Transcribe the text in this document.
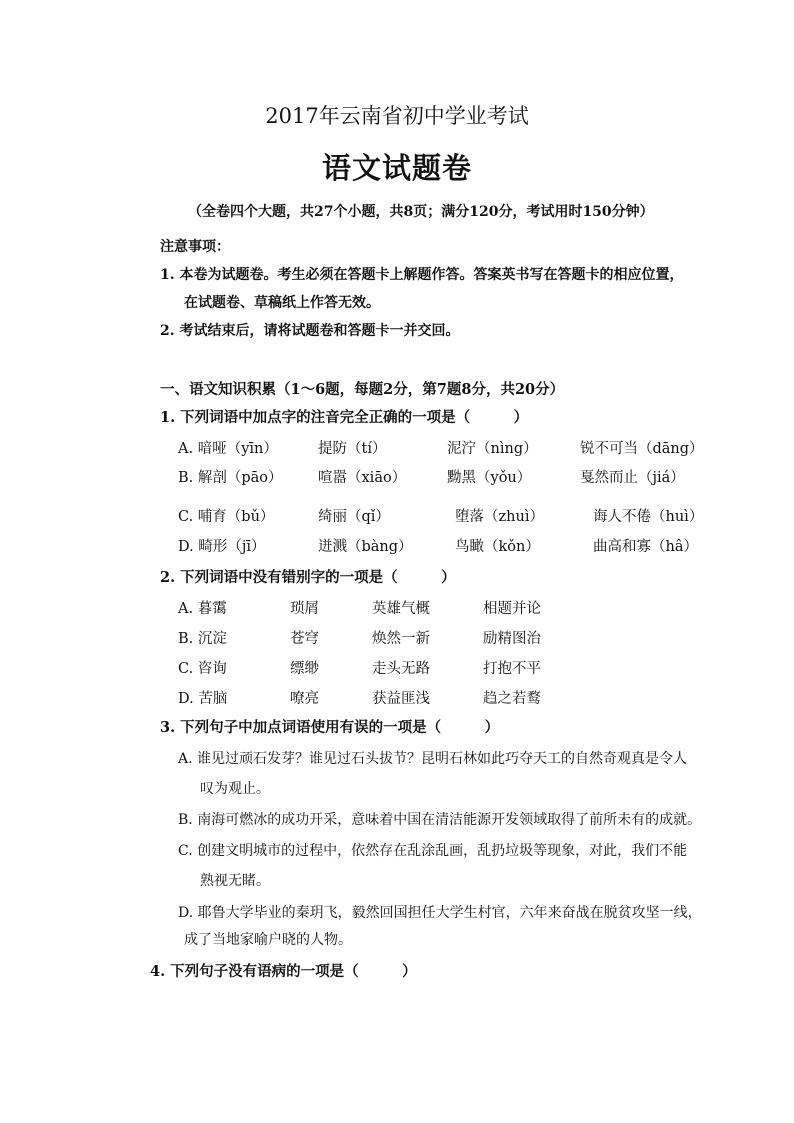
2017年云南省初中学业考试
语文试题卷
（全卷四个大题，共27个小题，共8页；满分120分，考试用时150分钟）
注意事项：
1. 本卷为试题卷。考生必须在答题卡上解题作答。答案英书写在答题卡的相应位置，
在试题卷、草稿纸上作答无效。
2. 考试结束后，请将试题卷和答题卡一并交回。
一、语文知识积累（1～6题，每题2分，第7题8分，共20分）
1. 下列词语中加点字的注音完全正确的一项是（　　　）
A. 喑哑（yīn）	提防（tí）	泥泞（nìng）	锐不可当（dāng）
B. 解剖（pāo） 喧嚣（xiāo）	黝黑（yǒu）	戛然而止（jiá）
C. 哺育（bǔ）	绮丽（qǐ）	堕落（zhuì）	诲人不倦（huì）
D. 畸形（jī）	迸溅（bàng）	鸟瞰（kǒn）	曲高和寡（hâ）
2. 下列词语中没有错别字的一项是（　　　）
A. 暮霭	琐屑	英雄气概	相题并论
B. 沉淀	苍穹	焕然一新	励精图治
C. 咨询	缥缈	走头无路	打抱不平
D. 苦脑	嘹亮	获益匪浅	趋之若鹜
3. 下列句子中加点词语使用有误的一项是（　　　）
A. 谁见过顽石发芽？谁见过石头拔节？昆明石林如此巧夺天工的自然奇观真是令人
叹为观止。
B. 南海可燃冰的成功开采，意味着中国在清洁能源开发领域取得了前所未有的成就。
C. 创建文明城市的过程中，依然存在乱涂乱画，乱扔垃圾等现象，对此，我们不能
熟视无睹。
D. 耶鲁大学毕业的秦玥飞，毅然回国担任大学生村官，六年来奋战在脱贫攻坚一线，
成了当地家喻户晓的人物。
4. 下列句子没有语病的一项是（　　　）
